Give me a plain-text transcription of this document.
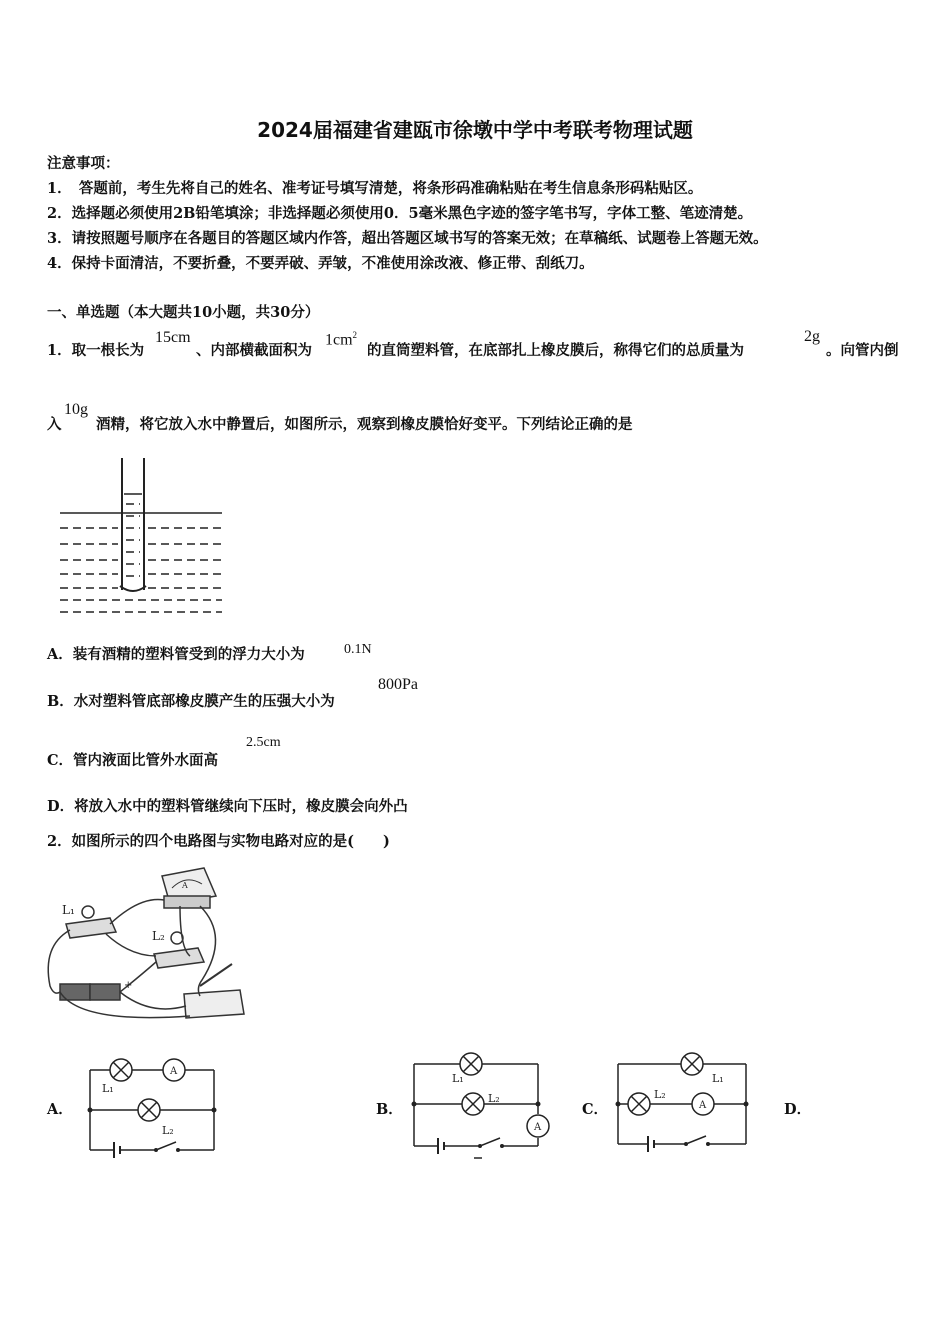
2024届福建省建瓯市徐墩中学中考联考物理试题
注意事项：
1．　答题前，考生先将自己的姓名、准考证号填写清楚，将条形码准确粘贴在考生信息条形码粘贴区。
2．选择题必须使用2B铅笔填涂；非选择题必须使用0．5毫米黑色字迹的签字笔书写，字体工整、笔迹清楚。
3．请按照题号顺序在各题目的答题区域内作答，超出答题区域书写的答案无效；在草稿纸、试题卷上答题无效。
4．保持卡面清洁，不要折叠，不要弄破、弄皱，不准使用涂改液、修正带、刮纸刀。
一、单选题（本大题共10小题，共30分）
1．取一根长为
15cm
、内部横截面积为
$1cm^2$
的直筒塑料管，在底部扎上橡皮膜后，称得它们的总质量为
2g
。向管内倒
入
10g
酒精，将它放入水中静置后，如图所示，观察到橡皮膜恰好变平。下列结论正确的是
A．装有酒精的塑料管受到的浮力大小为	0.1N
B．水对塑料管底部橡皮膜产生的压强大小为
800Pa
C．管内液面比管外水面高
2.5cm
D．将放入水中的塑料管继续向下压时，橡皮膜会向外凸
2．如图所示的四个电路图与实物电路对应的是(　　)
L₁
L₂
A
+
A．
A
L₁
L₂
B．
A
L₁
L₂
C．	A
L₁
L₂
D．
